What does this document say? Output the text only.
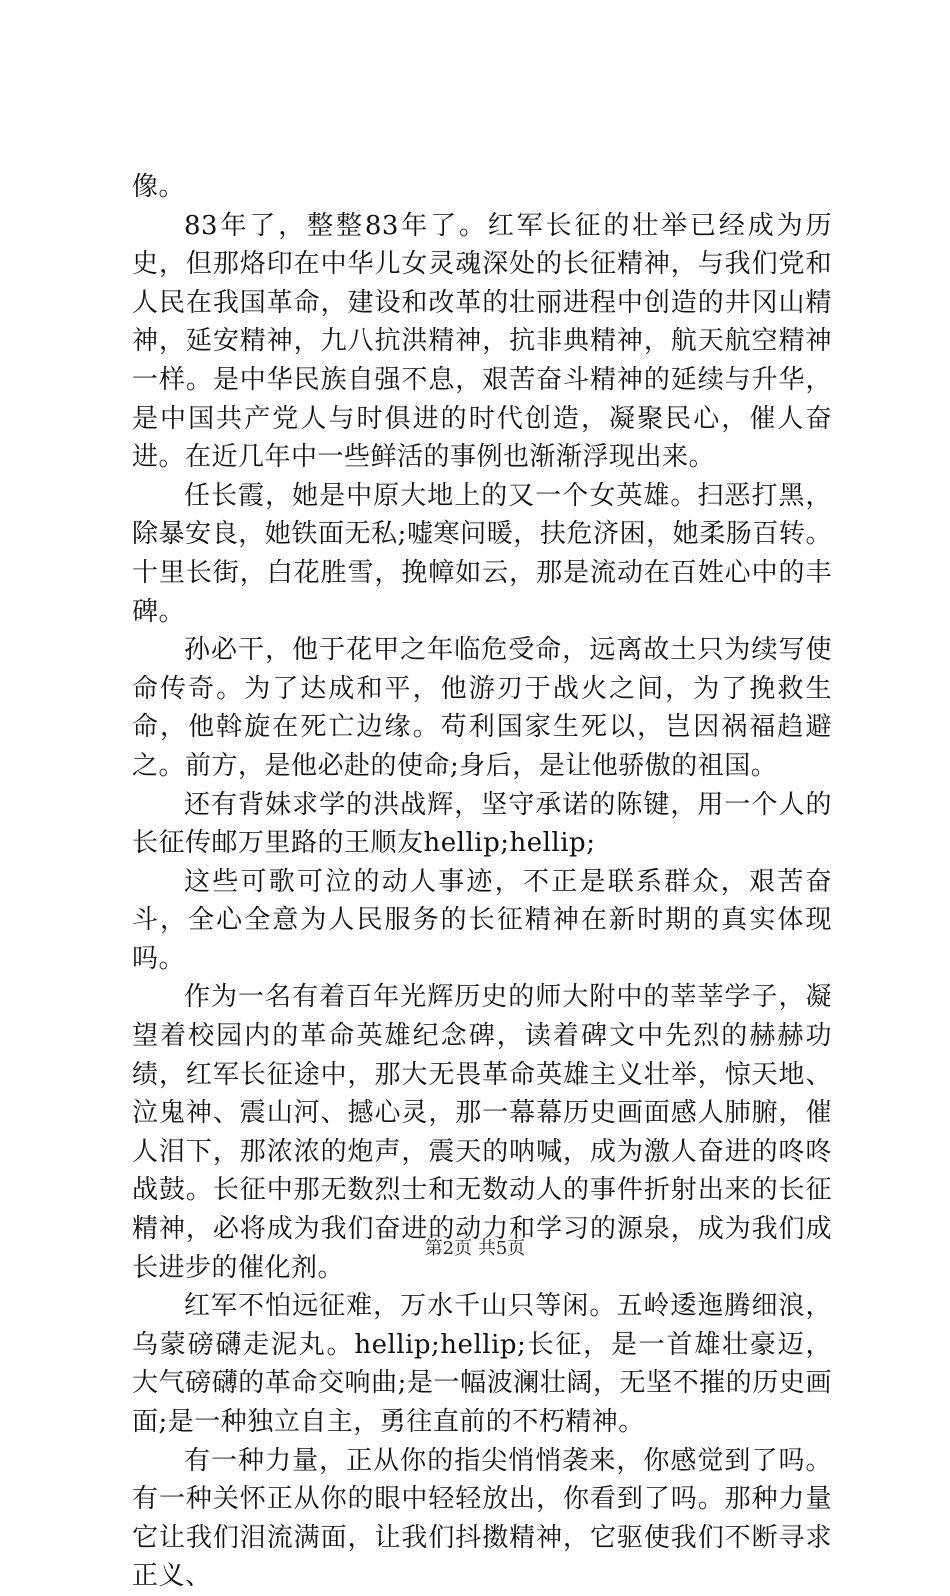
像。

83年了，整整83年了。红军长征的壮举已经成为历史，但那烙印在中华儿女灵魂深处的长征精神，与我们党和人民在我国革命，建设和改革的壮丽进程中创造的井冈山精神，延安精神，九八抗洪精神，抗非典精神，航天航空精神一样。是中华民族自强不息，艰苦奋斗精神的延续与升华，是中国共产党人与时俱进的时代创造，凝聚民心，催人奋进。在近几年中一些鲜活的事例也渐渐浮现出来。

任长霞，她是中原大地上的又一个女英雄。扫恶打黑，除暴安良，她铁面无私;嘘寒问暖，扶危济困，她柔肠百转。十里长街，白花胜雪，挽幛如云，那是流动在百姓心中的丰碑。

孙必干，他于花甲之年临危受命，远离故土只为续写使命传奇。为了达成和平，他游刃于战火之间，为了挽救生命，他斡旋在死亡边缘。苟利国家生死以，岂因祸福趋避之。前方，是他必赴的使命;身后，是让他骄傲的祖国。

还有背妹求学的洪战辉，坚守承诺的陈键，用一个人的长征传邮万里路的王顺友hellip;hellip;

这些可歌可泣的动人事迹，不正是联系群众，艰苦奋斗，全心全意为人民服务的长征精神在新时期的真实体现吗。

作为一名有着百年光辉历史的师大附中的莘莘学子，凝望着校园内的革命英雄纪念碑，读着碑文中先烈的赫赫功绩，红军长征途中，那大无畏革命英雄主义壮举，惊天地、泣鬼神、震山河、撼心灵，那一幕幕历史画面感人肺腑，催人泪下，那浓浓的炮声，震天的呐喊，成为激人奋进的咚咚战鼓。长征中那无数烈士和无数动人的事件折射出来的长征精神，必将成为我们奋进的动力和学习的源泉，成为我们成长进步的催化剂。

红军不怕远征难，万水千山只等闲。五岭逶迤腾细浪，乌蒙磅礴走泥丸。hellip;hellip;长征，是一首雄壮豪迈，大气磅礴的革命交响曲;是一幅波澜壮阔，无坚不摧的历史画面;是一种独立自主，勇往直前的不朽精神。

有一种力量，正从你的指尖悄悄袭来，你感觉到了吗。有一种关怀正从你的眼中轻轻放出，你看到了吗。那种力量它让我们泪流满面，让我们抖擞精神，它驱使我们不断寻求正义、

第2页 共5页
